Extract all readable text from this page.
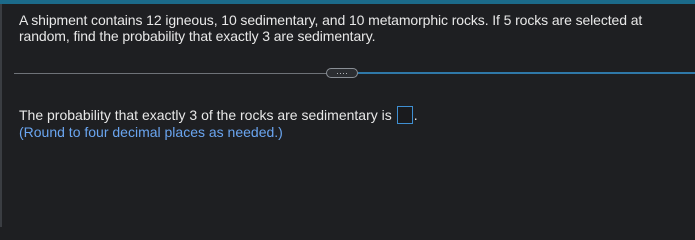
A shipment contains 12 igneous, 10 sedimentary, and 10 metamorphic rocks. If 5 rocks are selected at random, find the probability that exactly 3 are sedimentary.
····
The probability that exactly 3 of the rocks are sedimentary is .
(Round to four decimal places as needed.)
